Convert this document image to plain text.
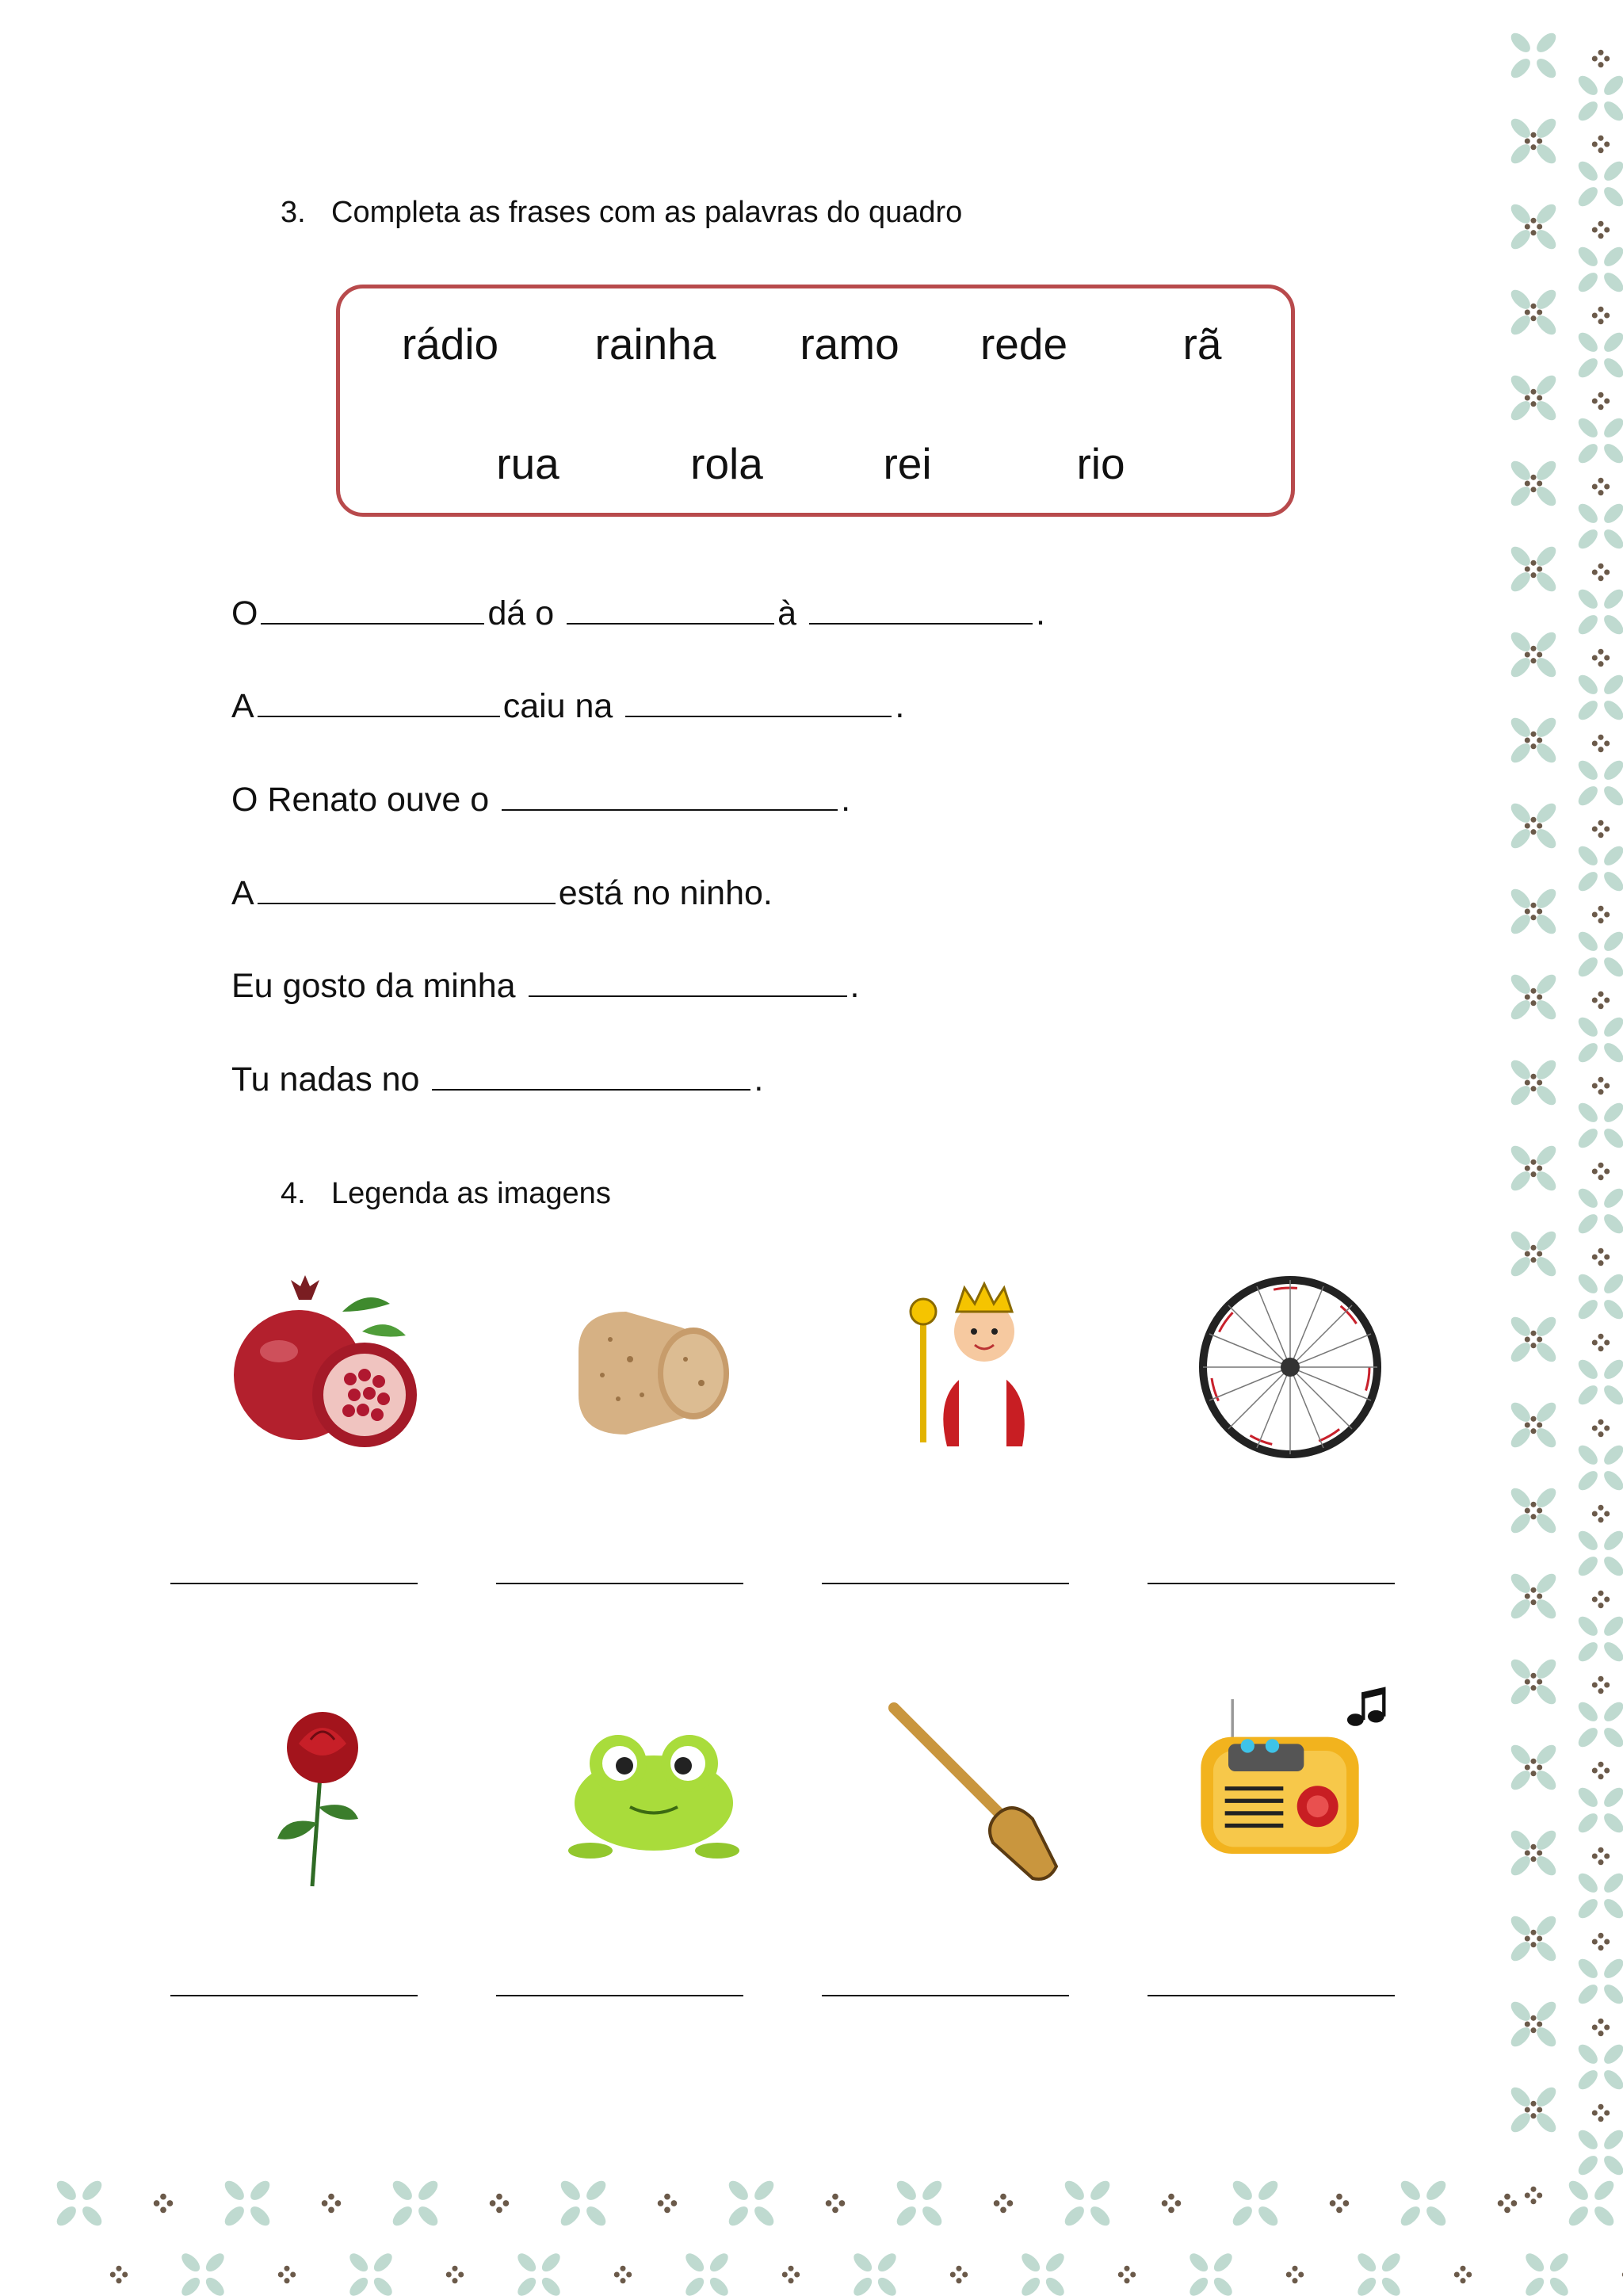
3. Completa as frases com as palavras do quadro
rádio rainha ramo rede	rã
rua	rola	rei	rio
O	dá o	à	.
A	caiu na	.
O Renato ouve o	.
A	está no ninho.
Eu gosto da minha	.
Tu nadas no	.
4. Legenda as imagens
